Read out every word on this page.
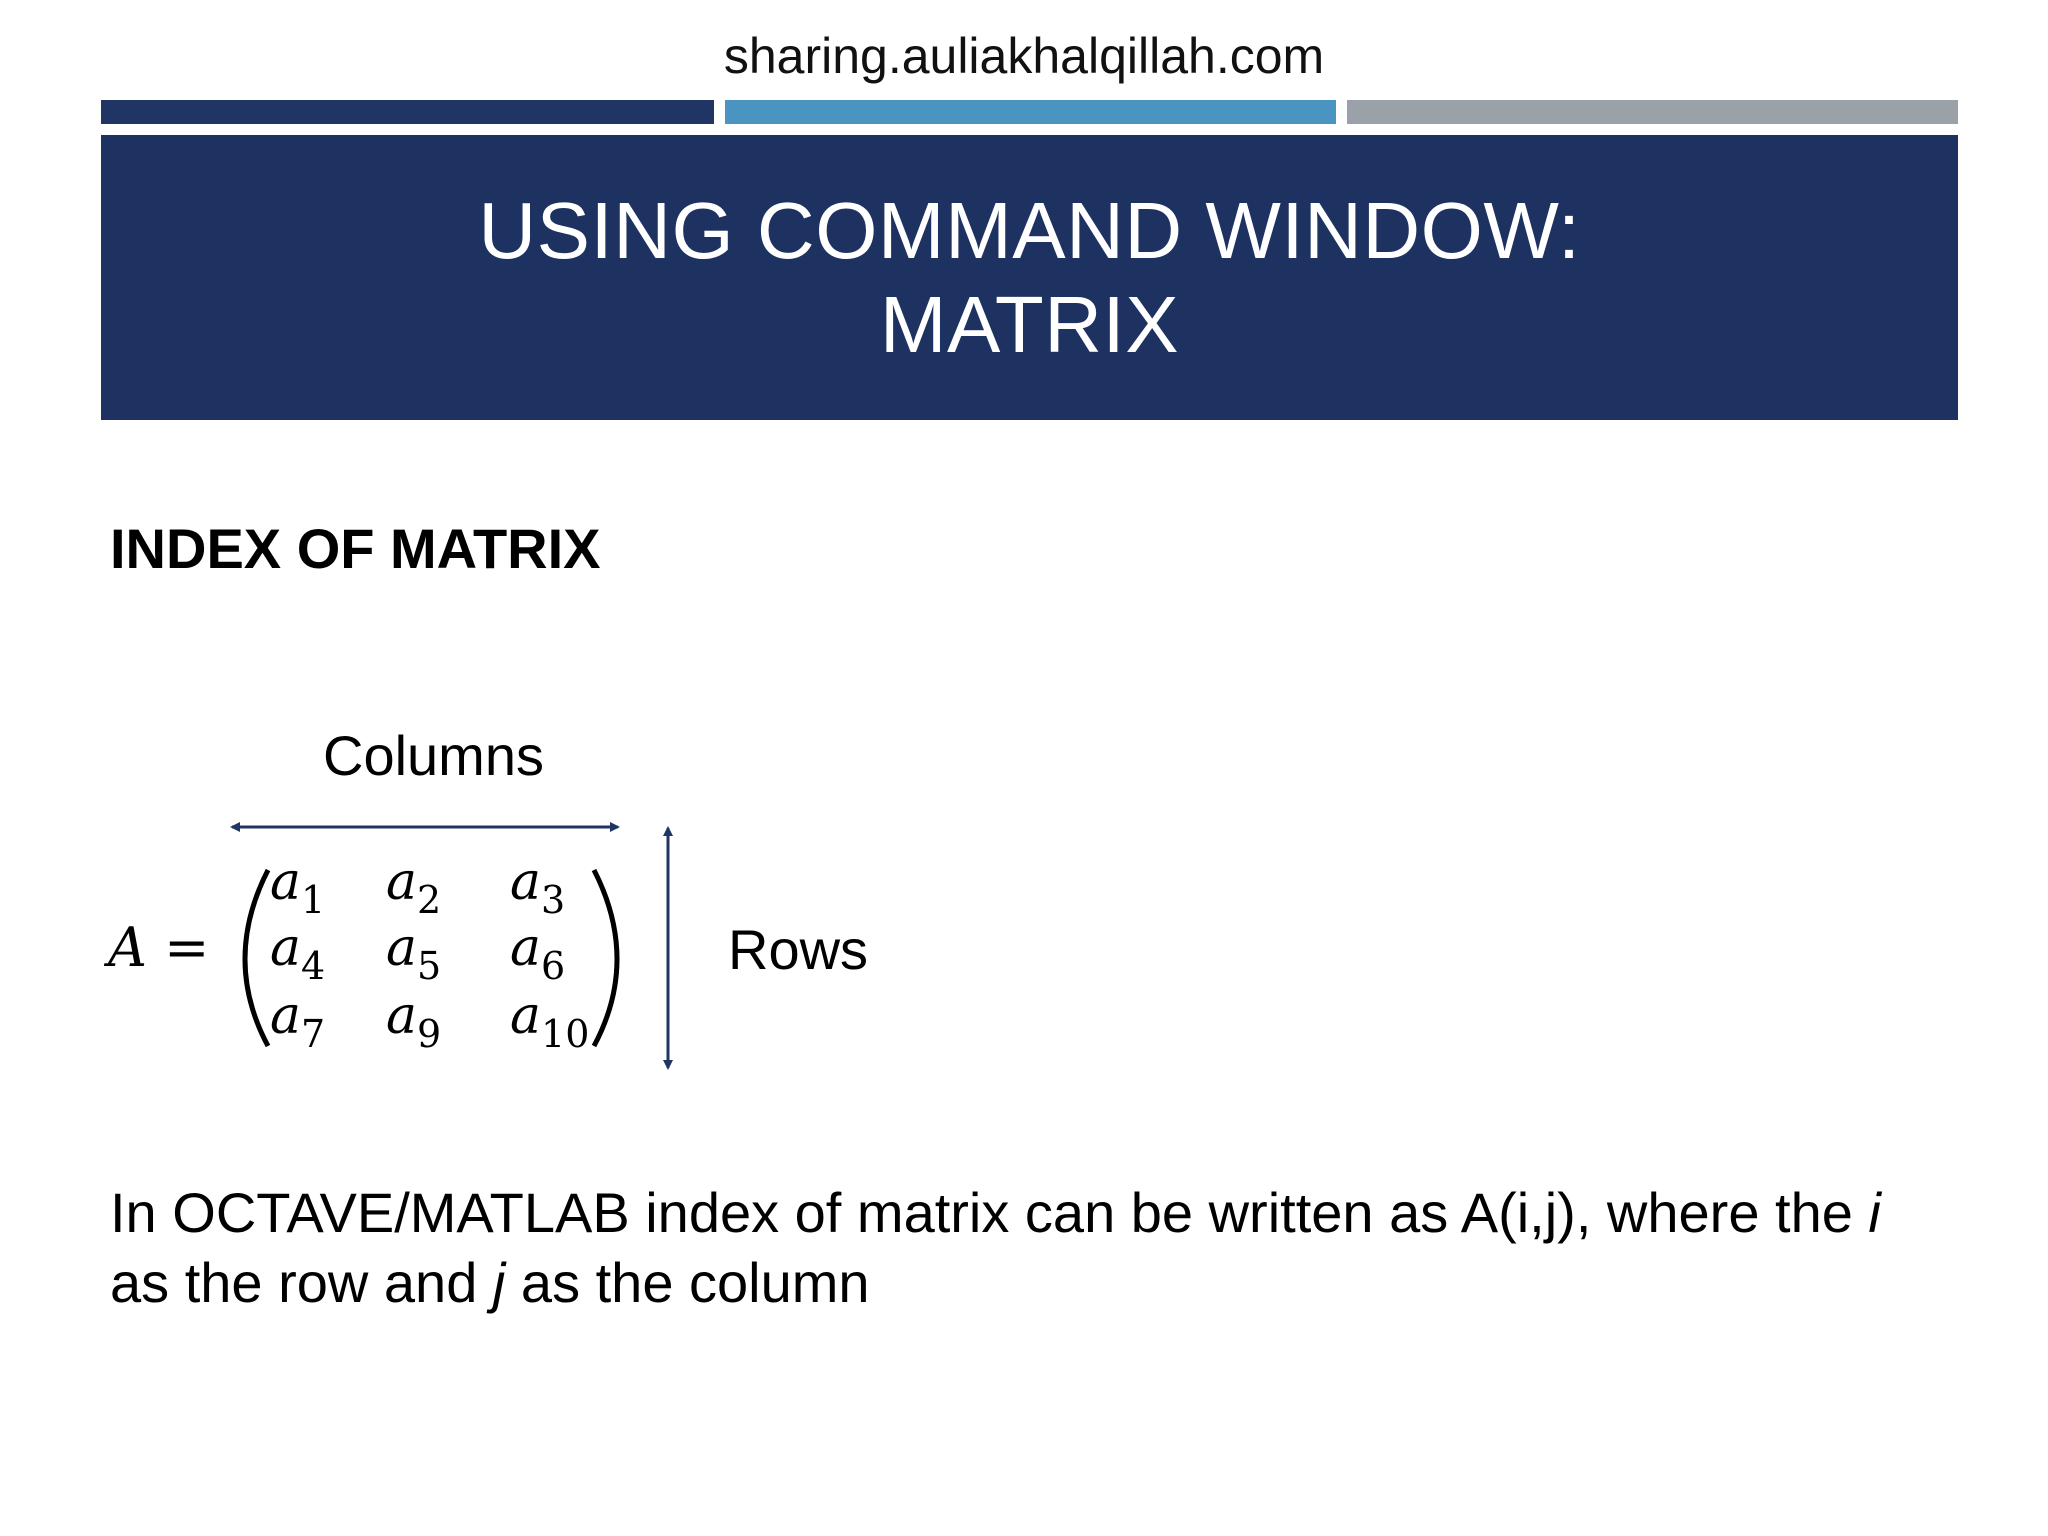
sharing.auliakhalqillah.com
USING COMMAND WINDOW:
MATRIX
INDEX OF MATRIX
Columns
A =
$a_1$ $a_2$ $a_3$
$a_4$ $a_5$ $a_6$
$a_7$ $a_9$ $a_{10}$
Rows
In OCTAVE/MATLAB index of matrix can be written as A(i,j), where the i
as the row and j as the column
